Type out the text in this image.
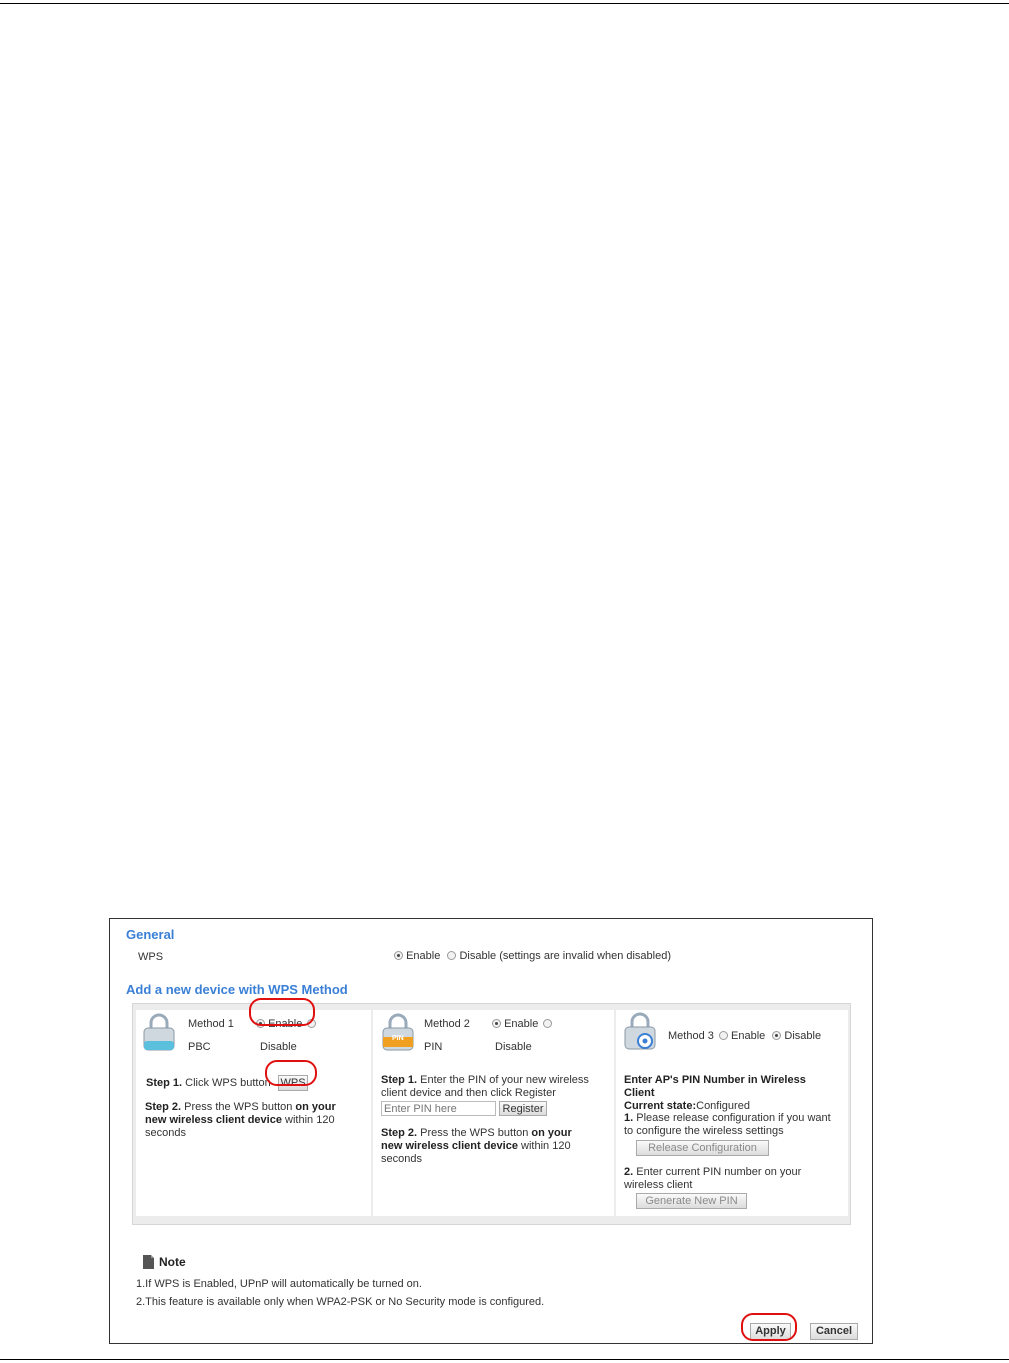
General
WPS	Enable Disable (settings are invalid when disabled)
Add a new device with WPS Method
Method 1	Enable
PBC	Disable
Step 1. Click WPS button WPS
Step 2. Press the WPS button on your new wireless client device within 120 seconds
PIN
Method 2	Enable
PIN	Disable
Step 1. Enter the PIN of your new wireless client device and then click Register
Enter PIN here
Register
Step 2. Press the WPS button on your new wireless client device within 120 seconds
Method 3 Enable Disable
Enter AP's PIN Number in Wireless Client
Current state:Configured
1. Please release configuration if you want to configure the wireless settings
Release Configuration
2. Enter current PIN number on your wireless client
Generate New PIN
Note
1.If WPS is Enabled, UPnP will automatically be turned on.
2.This feature is available only when WPA2-PSK or No Security mode is configured.
Apply	Cancel
